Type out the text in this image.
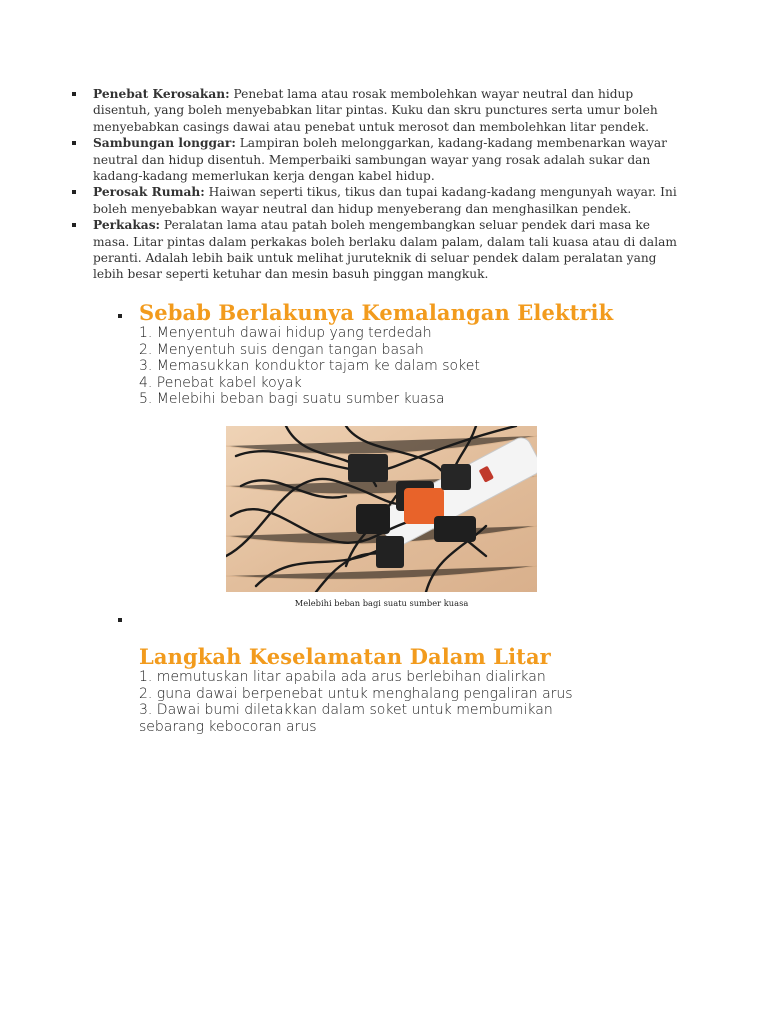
Penebat Kerosakan: Penebat lama atau rosak membolehkan wayar neutral dan hidup disentuh, yang boleh menyebabkan litar pintas. Kuku dan skru punctures serta umur boleh menyebabkan casings dawai atau penebat untuk merosot dan membolehkan litar pendek.
Sambungan longgar: Lampiran boleh melonggarkan, kadang-kadang membenarkan wayar neutral dan hidup disentuh. Memperbaiki sambungan wayar yang rosak adalah sukar dan kadang-kadang memerlukan kerja dengan kabel hidup.
Perosak Rumah: Haiwan seperti tikus, tikus dan tupai kadang-kadang mengunyah wayar. Ini boleh menyebabkan wayar neutral dan hidup menyeberang dan menghasilkan pendek.
Perkakas: Peralatan lama atau patah boleh mengembangkan seluar pendek dari masa ke masa. Litar pintas dalam perkakas boleh berlaku dalam palam, dalam tali kuasa atau di dalam peranti. Adalah lebih baik untuk melihat juruteknik di seluar pendek dalam peralatan yang lebih besar seperti ketuhar dan mesin basuh pinggan mangkuk.
Sebab Berlakunya Kemalangan Elektrik
1. Menyentuh dawai hidup yang terdedah
2. Menyentuh suis dengan tangan basah
3. Memasukkan konduktor tajam ke dalam soket
4. Penebat kabel koyak
5. Melebihi beban bagi suatu sumber kuasa
Melebihi beban bagi suatu sumber kuasa
Langkah Keselamatan Dalam Litar
1. memutuskan litar apabila ada arus berlebihan dialirkan
2. guna dawai berpenebat untuk menghalang pengaliran arus
3. Dawai bumi diletakkan dalam soket untuk membumikan sebarang kebocoran arus
